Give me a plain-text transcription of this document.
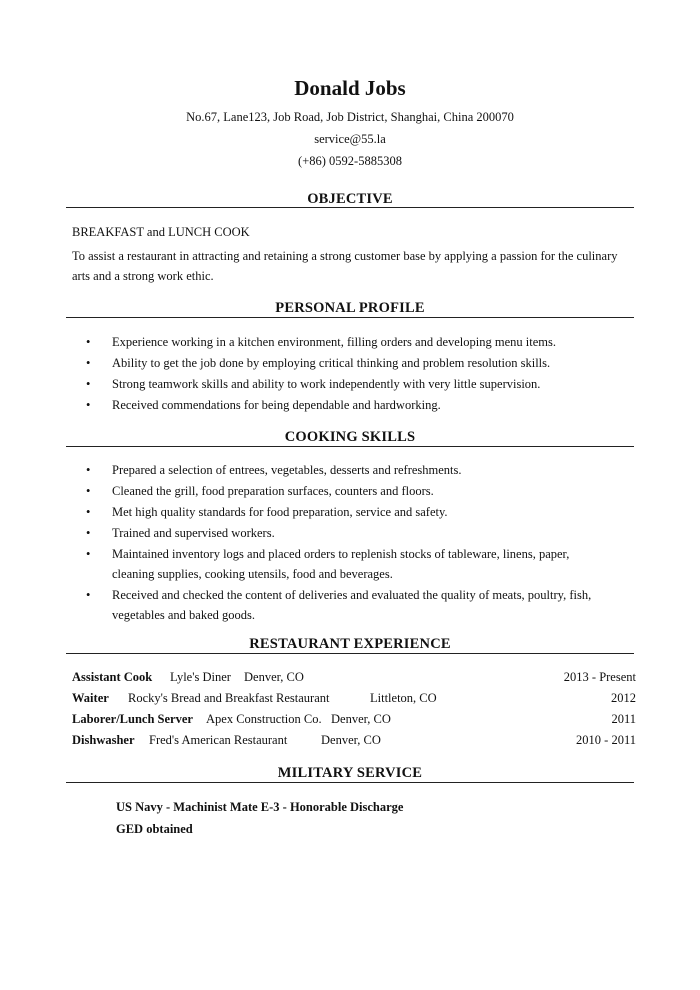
Donald Jobs
No.67, Lane123, Job Road, Job District, Shanghai, China 200070
service@55.la
(+86) 0592-5885308
OBJECTIVE
BREAKFAST and LUNCH COOK
To assist a restaurant in attracting and retaining a strong customer base by applying a passion for the culinary arts and a strong work ethic.
PERSONAL PROFILE
• Experience working in a kitchen environment, filling orders and developing menu items.
• Ability to get the job done by employing critical thinking and problem resolution skills.
• Strong teamwork skills and ability to work independently with very little supervision.
• Received commendations for being dependable and hardworking.
COOKING SKILLS
• Prepared a selection of entrees, vegetables, desserts and refreshments.
• Cleaned the grill, food preparation surfaces, counters and floors.
• Met high quality standards for food preparation, service and safety.
• Trained and supervised workers.
• Maintained inventory logs and placed orders to replenish stocks of tableware, linens, paper, cleaning supplies, cooking utensils, food and beverages.
• Received and checked the content of deliveries and evaluated the quality of meats, poultry, fish, vegetables and baked goods.
RESTAURANT EXPERIENCE
Assistant Cook Lyle's Diner Denver, CO	2013 - Present
Waiter Rocky's Bread and Breakfast Restaurant	Littleton, CO	2012
Laborer/Lunch Server Apex Construction Co. Denver, CO	2011
Dishwasher Fred's American Restaurant	Denver, CO	2010 - 2011
MILITARY SERVICE
US Navy - Machinist Mate E-3 - Honorable Discharge
GED obtained
